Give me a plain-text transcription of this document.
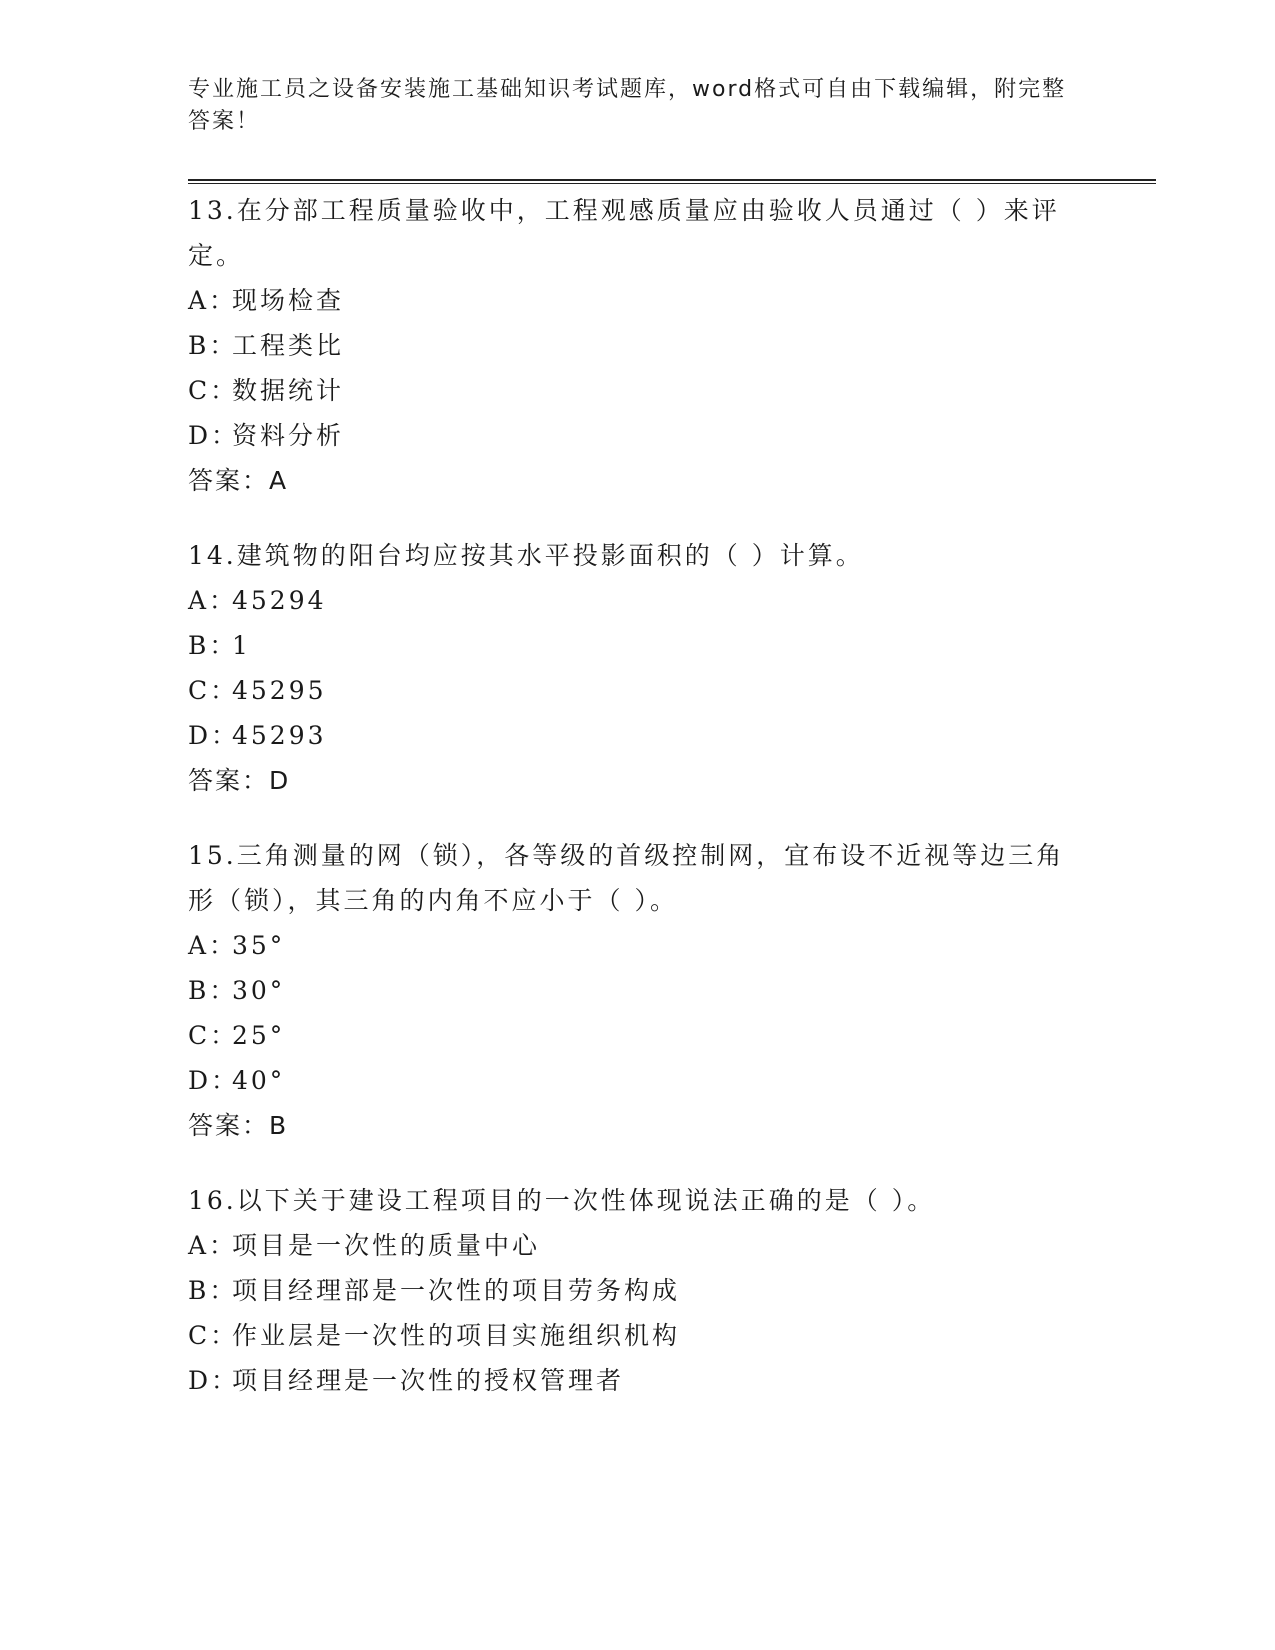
专业施工员之设备安装施工基础知识考试题库，word格式可自由下载编辑，附完整答案！

13.在分部工程质量验收中，工程观感质量应由验收人员通过（ ）来评定。

A：
现场检查
B：
工程类比
C：
数据统计
D：
资料分析
答案：A

14.建筑物的阳台均应按其水平投影面积的（ ）计算。

A：
45294
B：
1
C：
45295
D：
45293
答案：D

15.三角测量的网（锁），各等级的首级控制网，宜布设不近视等边三角形（锁），其三角的内角不应小于（ ）。

A：
35°
B：
30°
C：
25°
D：
40°
答案：B

16.以下关于建设工程项目的一次性体现说法正确的是（ ）。

A：
项目是一次性的质量中心
B：
项目经理部是一次性的项目劳务构成
C：
作业层是一次性的项目实施组织机构
D：
项目经理是一次性的授权管理者
